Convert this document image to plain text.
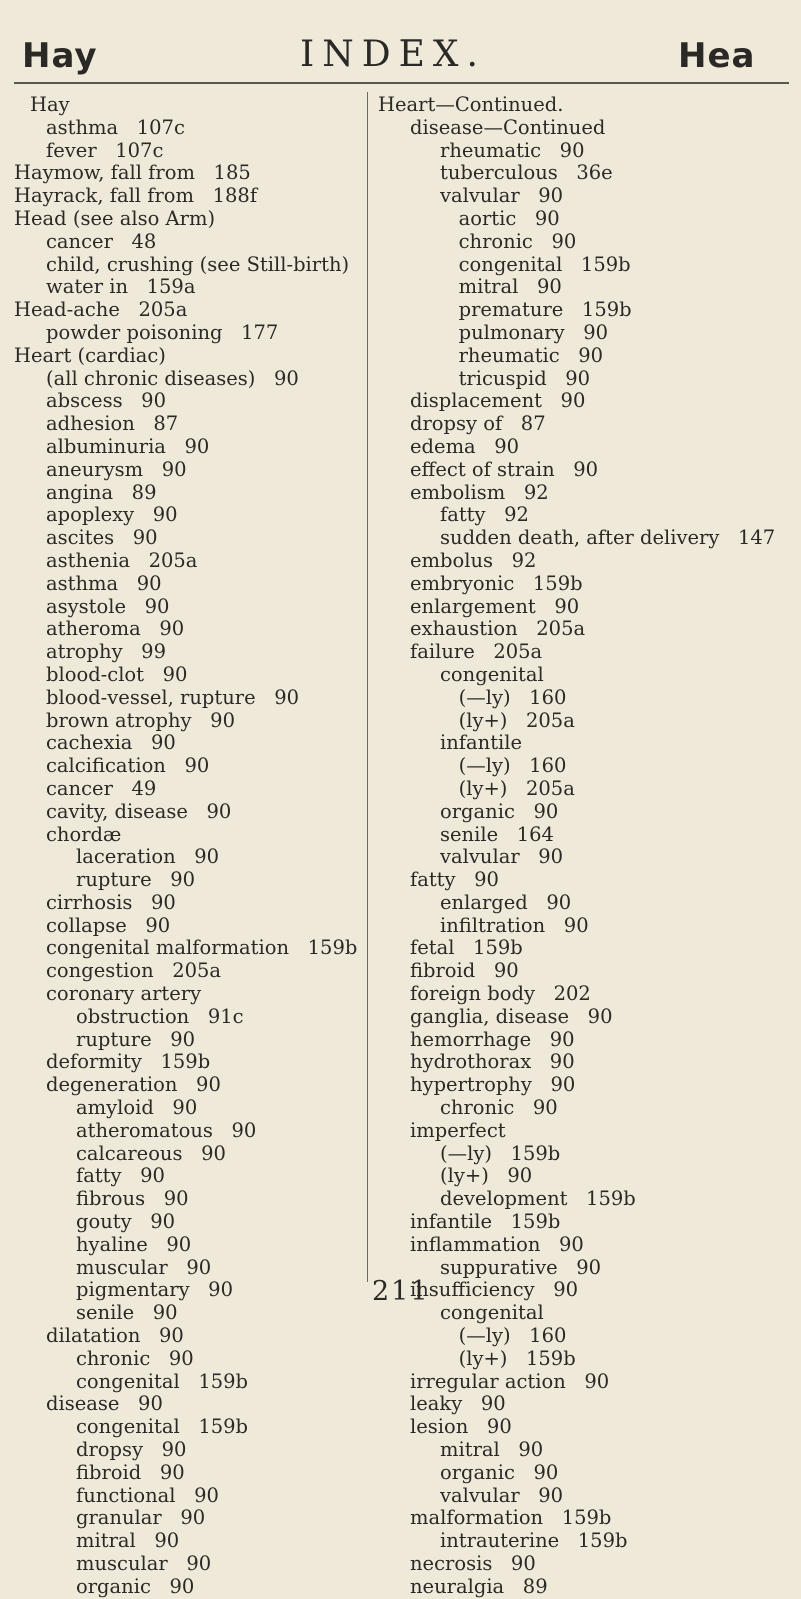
Hay	INDEX.	Hea
Hay
asthma   107c
fever   107c
Haymow, fall from   185
Hayrack, fall from   188f
Head (see also Arm)
cancer   48
child, crushing (see Still-birth)
water in   159a
Head-ache   205a
powder poisoning   177
Heart (cardiac)
(all chronic diseases)   90
abscess   90
adhesion   87
albuminuria   90
aneurysm   90
angina   89
apoplexy   90
ascites   90
asthenia   205a
asthma   90
asystole   90
atheroma   90
atrophy   99
blood-clot   90
blood-vessel, rupture   90
brown atrophy   90
cachexia   90
calcification   90
cancer   49
cavity, disease   90
chordæ
laceration   90
rupture   90
cirrhosis   90
collapse   90
congenital malformation   159b
congestion   205a
coronary artery
obstruction   91c
rupture   90
deformity   159b
degeneration   90
amyloid   90
atheromatous   90
calcareous   90
fatty   90
fibrous   90
gouty   90
hyaline   90
muscular   90
pigmentary   90
senile   90
dilatation   90
chronic   90
congenital   159b
disease   90
congenital   159b
dropsy   90
fibroid   90
functional   90
granular   90
mitral   90
muscular   90
organic   90
Heart—Continued.
disease—Continued
rheumatic   90
tuberculous   36e
valvular   90
aortic   90
chronic   90
congenital   159b
mitral   90
premature   159b
pulmonary   90
rheumatic   90
tricuspid   90
displacement   90
dropsy of   87
edema   90
effect of strain   90
embolism   92
fatty   92
sudden death, after delivery   147
embolus   92
embryonic   159b
enlargement   90
exhaustion   205a
failure   205a
congenital
(—ly)   160
(ly+)   205a
infantile
(—ly)   160
(ly+)   205a
organic   90
senile   164
valvular   90
fatty   90
enlarged   90
infiltration   90
fetal   159b
fibroid   90
foreign body   202
ganglia, disease   90
hemorrhage   90
hydrothorax   90
hypertrophy   90
chronic   90
imperfect
(—ly)   159b
(ly+)   90
development   159b
infantile   159b
inflammation   90
suppurative   90
insufficiency   90
congenital
(—ly)   160
(ly+)   159b
irregular action   90
leaky   90
lesion   90
mitral   90
organic   90
valvular   90
malformation   159b
intrauterine   159b
necrosis   90
neuralgia   89
211
